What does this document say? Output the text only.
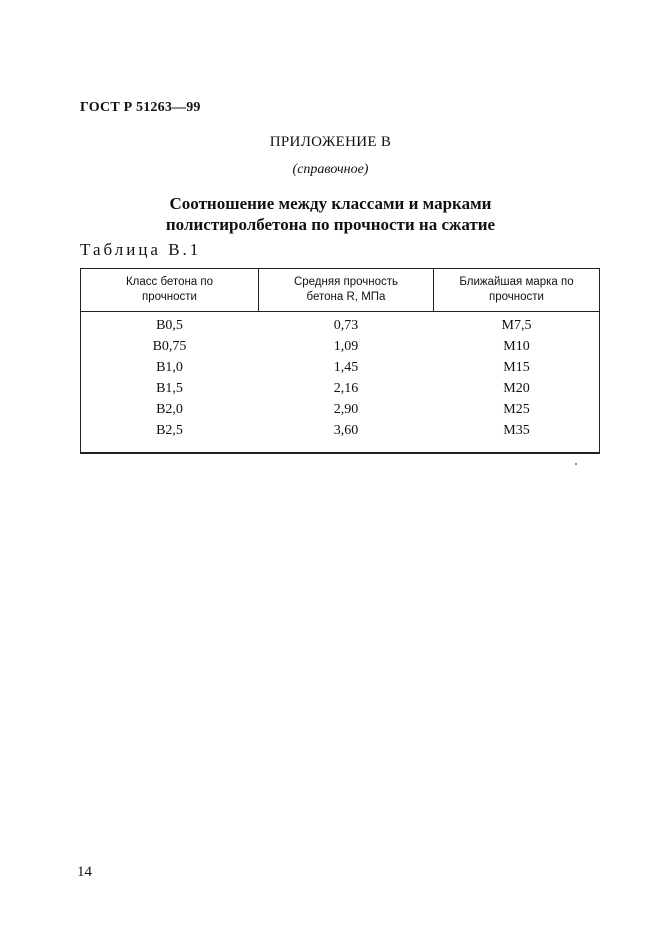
ГОСТ Р 51263—99
ПРИЛОЖЕНИЕ В
(справочное)
Соотношение между классами и марками
полистиролбетона по прочности на сжатие
Таблица В.1
Класс бетона по
прочности
Средняя прочность
бетона R, МПа
Ближайшая марка по
прочности
В0,5
В0,75
В1,0
В1,5
В2,0
В2,5
0,73
1,09
1,45
2,16
2,90
3,60
М7,5
М10
М15
М20
М25
М35
14
